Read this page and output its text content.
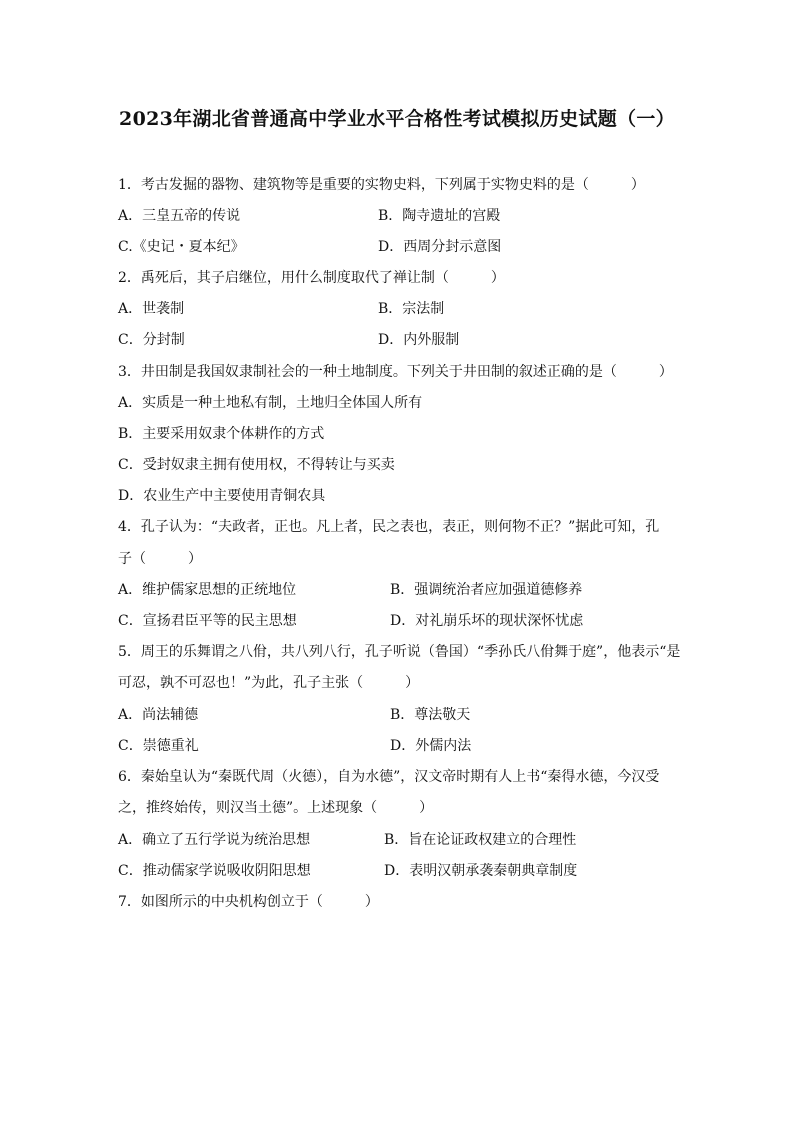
2023年湖北省普通高中学业水平合格性考试模拟历史试题（一）
1．考古发掘的器物、建筑物等是重要的实物史料，下列属于实物史料的是（　　　）
A．三皇五帝的传说	B．陶寺遗址的宫殿
C.《史记・夏本纪》	D．西周分封示意图
2．禹死后，其子启继位，用什么制度取代了禅让制（　　　）
A．世袭制	B．宗法制
C．分封制	D．内外服制
3．井田制是我国奴隶制社会的一种土地制度。下列关于井田制的叙述正确的是（　　　）
A．实质是一种土地私有制，土地归全体国人所有
B．主要采用奴隶个体耕作的方式
C．受封奴隶主拥有使用权，不得转让与买卖
D．农业生产中主要使用青铜农具
4．孔子认为：“夫政者，正也。凡上者，民之表也，表正，则何物不正？”据此可知，孔
子（　　　）
A．维护儒家思想的正统地位	B．强调统治者应加强道德修养
C．宣扬君臣平等的民主思想	D．对礼崩乐坏的现状深怀忧虑
5．周王的乐舞谓之八佾，共八列八行，孔子听说（鲁国）“季孙氏八佾舞于庭”，他表示“是
可忍，孰不可忍也！”为此，孔子主张（　　　）
A．尚法辅德	B．尊法敬天
C．崇德重礼	D．外儒内法
6．秦始皇认为“秦既代周（火德），自为水德”，汉文帝时期有人上书“秦得水德，今汉受
之，推终始传，则汉当土德”。上述现象（　　　）
A．确立了五行学说为统治思想	B．旨在论证政权建立的合理性
C．推动儒家学说吸收阴阳思想	D．表明汉朝承袭秦朝典章制度
7．如图所示的中央机构创立于（　　　）
